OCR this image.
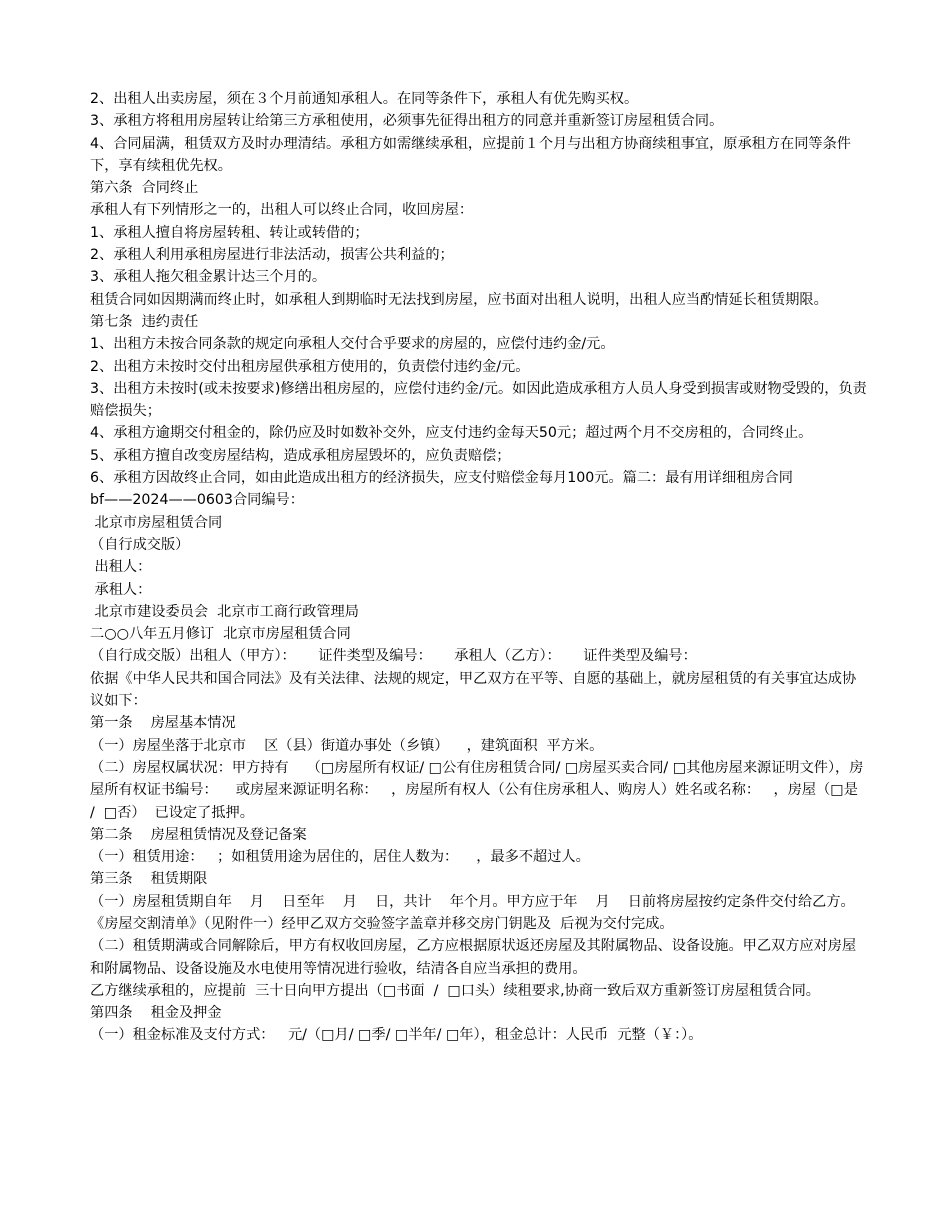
2、出租人出卖房屋，须在３个月前通知承租人。在同等条件下，承租人有优先购买权。

3、承租方将租用房屋转让给第三方承租使用，必须事先征得出租方的同意并重新签订房屋租赁合同。

4、合同届满，租赁双方及时办理清结。承租方如需继续承租，应提前１个月与出租方协商续租事宜，原承租方在同等条件下，享有续租优先权。

第六条  合同终止

承租人有下列情形之一的，出租人可以终止合同，收回房屋：

1、承租人擅自将房屋转租、转让或转借的；

2、承租人利用承租房屋进行非法活动，损害公共利益的；

3、承租人拖欠租金累计达三个月的。

租赁合同如因期满而终止时，如承租人到期临时无法找到房屋，应书面对出租人说明，出租人应当酌情延长租赁期限。

第七条  违约责任

1、出租方未按合同条款的规定向承租人交付合乎要求的房屋的，应偿付违约金/元。

2、出租方未按时交付出租房屋供承租方使用的，负责偿付违约金/元。

3、出租方未按时(或未按要求)修缮出租房屋的，应偿付违约金/元。如因此造成承租方人员人身受到损害或财物受毁的，负责赔偿损失；

4、承租方逾期交付租金的，除仍应及时如数补交外，应支付违约金每天50元；超过两个月不交房租的，合同终止。

5、承租方擅自改变房屋结构，造成承租房屋毁坏的，应负责赔偿；

6、承租方因故终止合同，如由此造成出租方的经济损失，应支付赔偿金每月100元。篇二：最有用详细租房合同

bf——2024——0603合同编号：

北京市房屋租赁合同

（自行成交版）

出租人：

承租人：

北京市建设委员会  北京市工商行政管理局

二○○八年五月修订  北京市房屋租赁合同

（自行成交版）出租人（甲方）：     证件类型及编号：     承租人（乙方）：     证件类型及编号：

依据《中华人民共和国合同法》及有关法律、法规的规定，甲乙双方在平等、自愿的基础上，就房屋租赁的有关事宜达成协议如下：

第一条    房屋基本情况

（一）房屋坐落于北京市    区（县）街道办事处（乡镇）    ，建筑面积  平方米。

（二）房屋权属状况：甲方持有    （□房屋所有权证/ □公有住房租赁合同/ □房屋买卖合同/ □其他房屋来源证明文件），房屋所有权证书编号：    或房屋来源证明名称：   ，房屋所有权人（公有住房承租人、购房人）姓名或名称：   ，房屋（□是  /  □否）  已设定了抵押。

第二条    房屋租赁情况及登记备案

（一）租赁用途：   ；如租赁用途为居住的，居住人数为：    ，最多不超过人。

第三条    租赁期限

（一）房屋租赁期自年    月    日至年    月    日，共计    年个月。甲方应于年    月    日前将房屋按约定条件交付给乙方。《房屋交割清单》（见附件一）经甲乙双方交验签字盖章并移交房门钥匙及  后视为交付完成。

（二）租赁期满或合同解除后，甲方有权收回房屋，乙方应根据原状返还房屋及其附属物品、设备设施。甲乙双方应对房屋和附属物品、设备设施及水电使用等情况进行验收，结清各自应当承担的费用。

乙方继续承租的，应提前  三十日向甲方提出（□书面  /  □口头）续租要求,协商一致后双方重新签订房屋租赁合同。

第四条    租金及押金

（一）租金标准及支付方式：   元/（□月/ □季/ □半年/ □年），租金总计：人民币  元整（￥：）。
